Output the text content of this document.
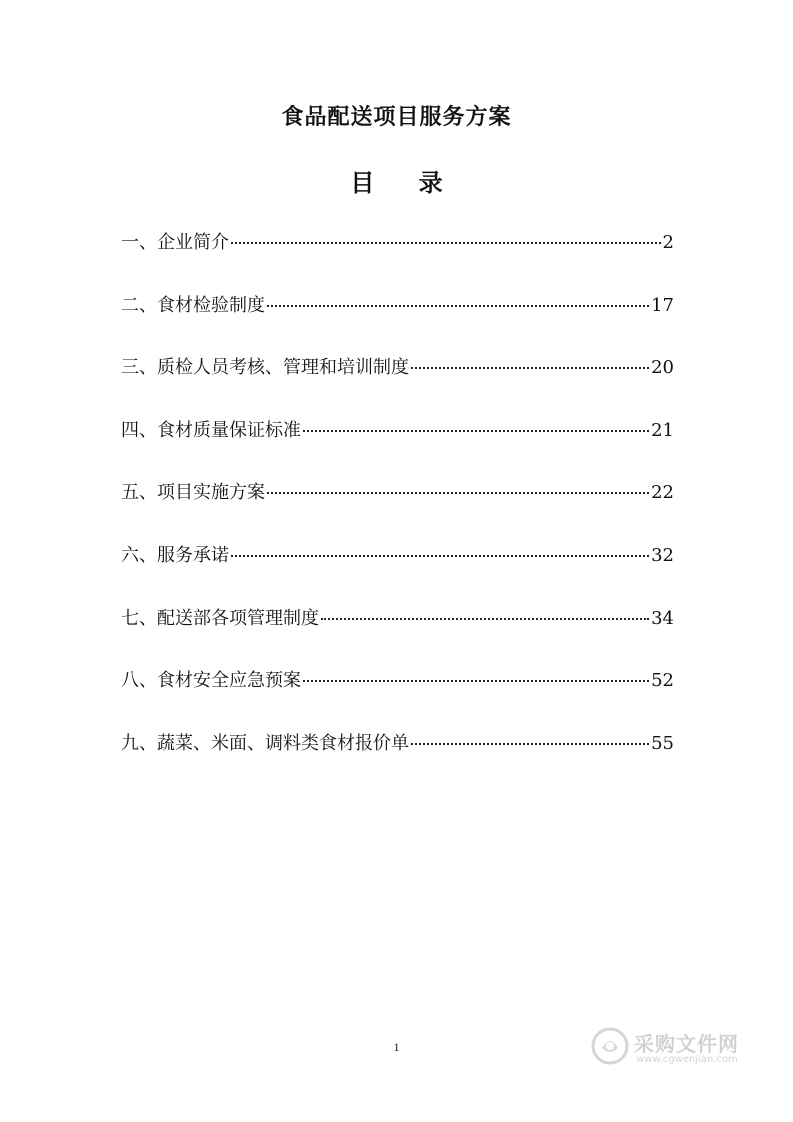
食品配送项目服务方案
目 录
一、 企业简介	2
二、 食材检验制度	17
三、 质检人员考核、管理和培训制度	20
四、 食材质量保证标准	21
五、 项目实施方案	22
六、 服务承诺	32
七、 配送部各项管理制度	34
八、 食材安全应急预案	52
九、 蔬菜、米面、调料类食材报价单	55
1	采购文件网
www.cgwenjian.com
